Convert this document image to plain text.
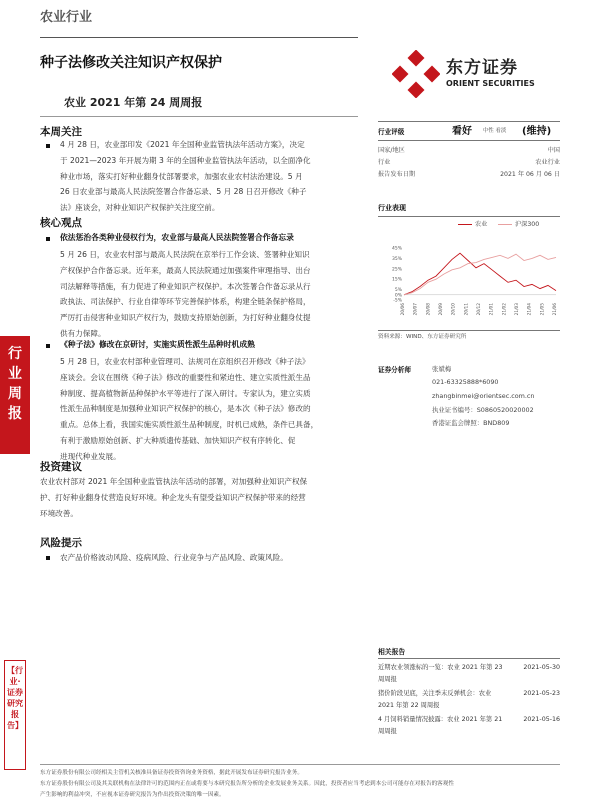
农业行业
种子法修改关注知识产权保护
农业 2021 年第 24 周周报
本周关注
4 月 28 日，农业部印发《2021 年全国种业监管执法年活动方案》，决定
于 2021—2023 年开展为期 3 年的全国种业监管执法年活动，以全面净化
种业市场，落实打好种业翻身仗部署要求，加强农业农村法治建设。5 月
26 日农业部与最高人民法院签署合作备忘录、5 月 28 日召开修改《种子
法》座谈会，对种业知识产权保护关注度空前。
核心观点
依法惩治各类种业侵权行为，农业部与最高人民法院签署合作备忘录
5 月 26 日，农业农村部与最高人民法院在京举行工作会谈、签署种业知识
产权保护合作备忘录。近年来，最高人民法院通过加强案件审理指导、出台
司法解释等措施，有力促进了种业知识产权保护。本次签署合作备忘录从行
政执法、司法保护、行业自律等环节完善保护体系，构建全链条保护格局，
严厉打击侵害种业知识产权行为，鼓励支持原始创新，为打好种业翻身仗提
供有力保障。
《种子法》修改在京研讨，实施实质性派生品种时机成熟
5 月 28 日，农业农村部种业管理司、法规司在京组织召开修改《种子法》
座谈会。会议在围绕《种子法》修改的重要性和紧迫性、建立实质性派生品
种制度、提高植物新品种保护水平等进行了深入研讨。专家认为，建立实质
性派生品种制度是加强种业知识产权保护的核心，是本次《种子法》修改的
重点。总体上看，我国实施实质性派生品种制度，时机已成熟，条件已具备，
有利于激励原始创新、扩大种质遗传基础、加快知识产权有序转化、促
进现代种业发展。
投资建议
农业农村部对 2021 年全国种业监管执法年活动的部署，对加强种业知识产权保
护、打好种业翻身仗营造良好环境。种企龙头有望受益知识产权保护带来的经营
环境改善。
风险提示
农产品价格波动风险、疫病风险、行业竞争与产品风险、政策风险。
行业周报
【行业·证券研究报告】
东方证券
ORIENT SECURITIES
行业评级	看好 中性 看淡 (维持)
国家/地区	中国
行业	农业行业
报告发布日期	2021 年 06 月 06 日
行业表现
农业	沪深300
-5%
0%
5%
15%
25%
35%
45%
20/06 20/07 20/08 20/09 20/10 20/11 20/12 21/01 21/02 21/03 21/04 21/05 21/06
资料来源：WIND、东方证券研究所
证券分析师	张斌梅
021-63325888*6090
zhangbinmei@orientsec.com.cn
执业证书编号：S0860520020002
香港证监会牌照：BND809
相关报告
近期农业领涨标的一览：农业 2021 年第 23
周周报
2021-05-30
猪价阶段见底，关注季末反弹机会：农业
2021 年第 22 周周报
2021-05-23
4 月饲料销量情况披露：农业 2021 年第 21
周周报
2021-05-16
东方证券股份有限公司经相关主管机关核准具备证券投资咨询业务资格，据此开展发布证券研究报告业务。
东方证券股份有限公司及其关联机构在法律许可的范围内正在或将要与本研究报告所分析的企业发展业务关系。因此，投资者应当考虑到本公司可能存在对报告的客观性
产生影响的利益冲突，不应视本证券研究报告为作出投资决策的唯一因素。
